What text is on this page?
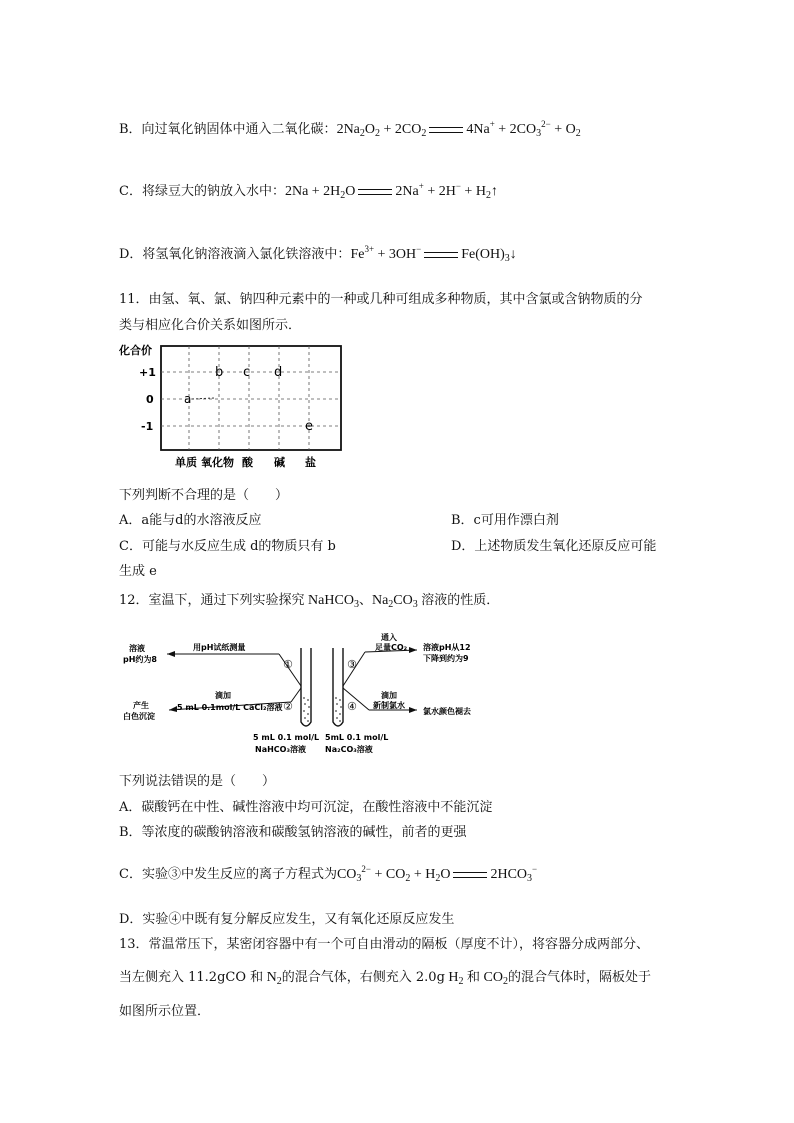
B．向过氧化钠固体中通入二氧化碳：$2Na_2O_2 + 2CO_2$	$4Na^+ + 2CO_3^{2-} + O_2$
C．将绿豆大的钠放入水中：$2Na + 2H_2O$	$2Na^+ + 2H^- + H_2↑$
D．将氢氧化钠溶液滴入氯化铁溶液中：$Fe^{3+} + 3OH^-$	$Fe(OH)_3↓$
11．由氢、氧、氯、钠四种元素中的一种或几种可组成多种物质，其中含氯或含钠物质的分
类与相应化合价关系如图所示．
化合价
+1
0
-1
a
b c d
e
单质 氧化物 酸 碱 盐
下列判断不合理的是（　　）
A．a能与d的水溶液反应	B．c可用作漂白剂
C．可能与水反应生成 d的物质只有 b	D．上述物质发生氧化还原反应可能
生成 e
12．室温下，通过下列实验探究 NaHCO$_3$、$Na_2CO_3$ 溶液的性质．
溶液
pH约为8
用pH试纸测量
产生
白色沉淀
滴加
5 mL 0.1mol/L CaCl₂溶液
5 mL 0.1 mol/L
NaHCO₃溶液
通入
足量CO₂ 溶液pH从12
下降到约为9
滴加
新制氯水
氯水颜色褪去
5mL 0.1 mol/L
Na₂CO₃溶液
①
②
③
④
下列说法错误的是（　　）
A．碳酸钙在中性、碱性溶液中均可沉淀，在酸性溶液中不能沉淀
B．等浓度的碳酸钠溶液和碳酸氢钠溶液的碱性，前者的更强
C．实验③中发生反应的离子方程式为$CO_3^{2-} + CO_2 + H_2O$	$2HCO_3^-$
D．实验④中既有复分解反应发生，又有氧化还原反应发生
13．常温常压下，某密闭容器中有一个可自由滑动的隔板（厚度不计），将容器分成两部分、
当左侧充入 11.2gCO 和 $N_2$的混合气体，右侧充入 2.0g $H_2$ 和 $CO_2$的混合气体时，隔板处于
如图所示位置．
